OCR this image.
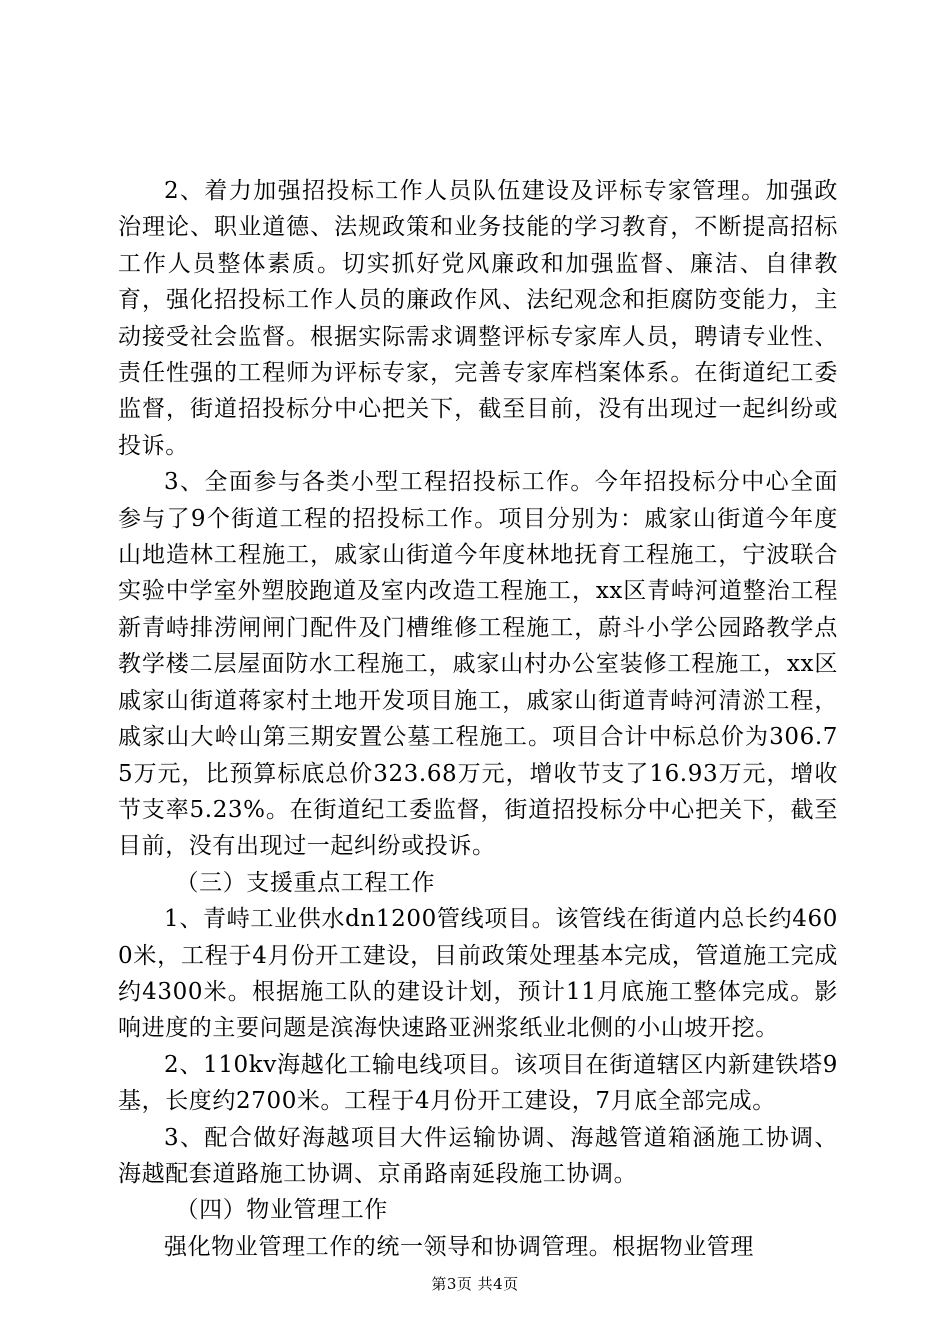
2、着力加强招投标工作人员队伍建设及评标专家管理。加强政治理论、职业道德、法规政策和业务技能的学习教育，不断提高招标工作人员整体素质。切实抓好党风廉政和加强监督、廉洁、自律教育，强化招投标工作人员的廉政作风、法纪观念和拒腐防变能力，主动接受社会监督。根据实际需求调整评标专家库人员，聘请专业性、责任性强的工程师为评标专家，完善专家库档案体系。在街道纪工委监督，街道招投标分中心把关下，截至目前，没有出现过一起纠纷或投诉。

3、全面参与各类小型工程招投标工作。今年招投标分中心全面参与了9个街道工程的招投标工作。项目分别为：戚家山街道今年度山地造林工程施工，戚家山街道今年度林地抚育工程施工，宁波联合实验中学室外塑胶跑道及室内改造工程施工，xx区青峙河道整治工程新青峙排涝闸闸门配件及门槽维修工程施工，蔚斗小学公园路教学点教学楼二层屋面防水工程施工，戚家山村办公室装修工程施工，xx区戚家山街道蒋家村土地开发项目施工，戚家山街道青峙河清淤工程，戚家山大岭山第三期安置公墓工程施工。项目合计中标总价为306.75万元，比预算标底总价323.68万元，增收节支了16.93万元，增收节支率5.23%。在街道纪工委监督，街道招投标分中心把关下，截至目前，没有出现过一起纠纷或投诉。

（三）支援重点工程工作

1、青峙工业供水dn1200管线项目。该管线在街道内总长约4600米，工程于4月份开工建设，目前政策处理基本完成，管道施工完成约4300米。根据施工队的建设计划，预计11月底施工整体完成。影响进度的主要问题是滨海快速路亚洲浆纸业北侧的小山坡开挖。

2、110kv海越化工输电线项目。该项目在街道辖区内新建铁塔9基，长度约2700米。工程于4月份开工建设，7月底全部完成。

3、配合做好海越项目大件运输协调、海越管道箱涵施工协调、海越配套道路施工协调、京甬路南延段施工协调。

（四）物业管理工作

强化物业管理工作的统一领导和协调管理。根据物业管理

第3页 共4页
